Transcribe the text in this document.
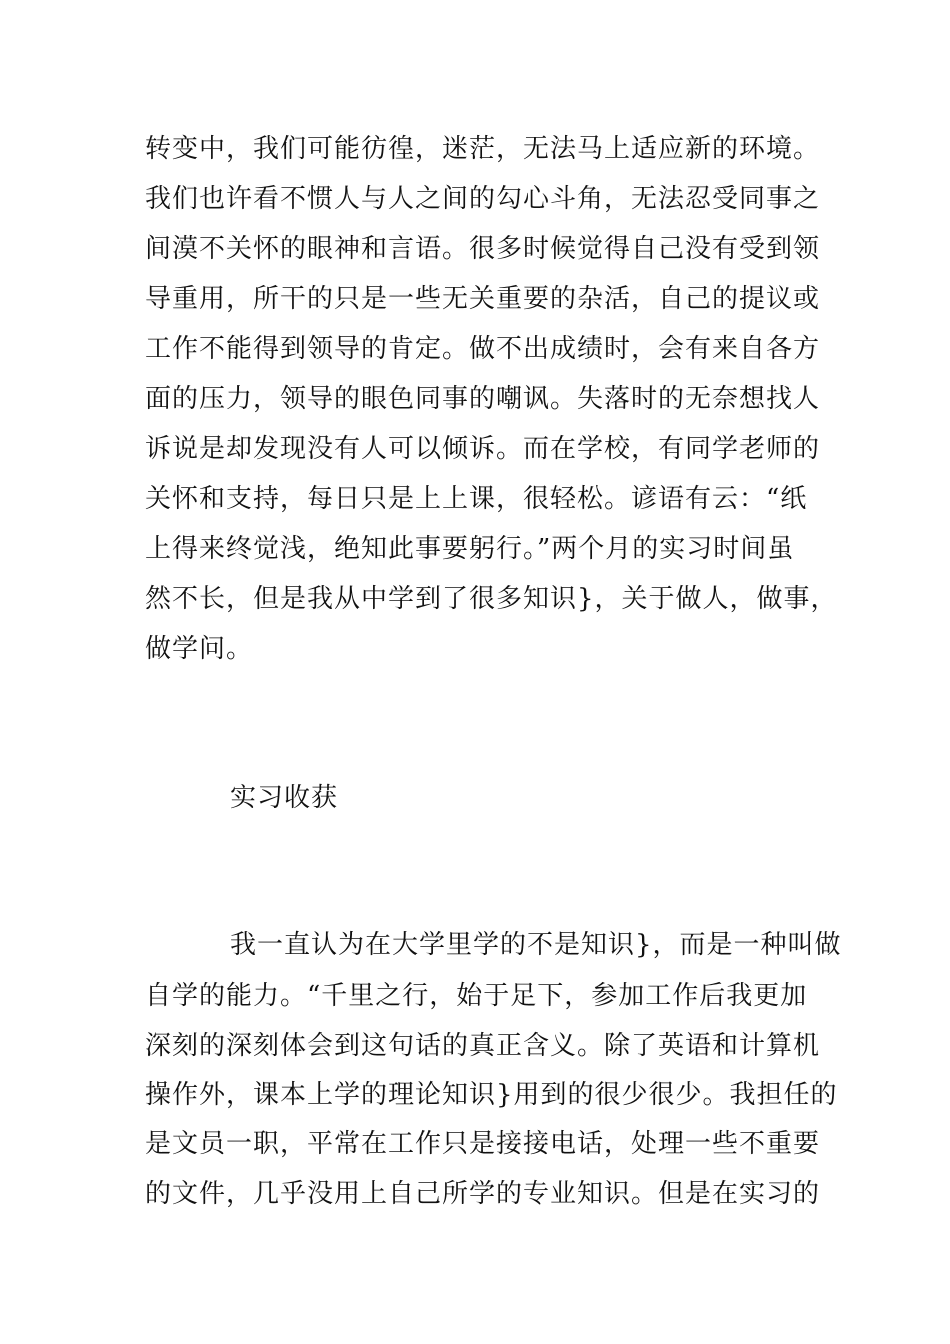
转变中，我们可能彷徨，迷茫，无法马上适应新的环境。
我们也许看不惯人与人之间的勾心斗角，无法忍受同事之
间漠不关怀的眼神和言语。很多时候觉得自己没有受到领
导重用，所干的只是一些无关重要的杂活，自己的提议或
工作不能得到领导的肯定。做不出成绩时，会有来自各方
面的压力，领导的眼色同事的嘲讽。失落时的无奈想找人
诉说是却发现没有人可以倾诉。而在学校，有同学老师的
关怀和支持，每日只是上上课，很轻松。谚语有云：“纸
上得来终觉浅，绝知此事要躬行。”两个月的实习时间虽
然不长，但是我从中学到了很多知识}，关于做人，做事，
做学问。
实习收获
我一直认为在大学里学的不是知识}，而是一种叫做
自学的能力。“千里之行，始于足下，参加工作后我更加
深刻的深刻体会到这句话的真正含义。除了英语和计算机
操作外，课本上学的理论知识}用到的很少很少。我担任的
是文员一职，平常在工作只是接接电话，处理一些不重要
的文件，几乎没用上自己所学的专业知识。但是在实习的
